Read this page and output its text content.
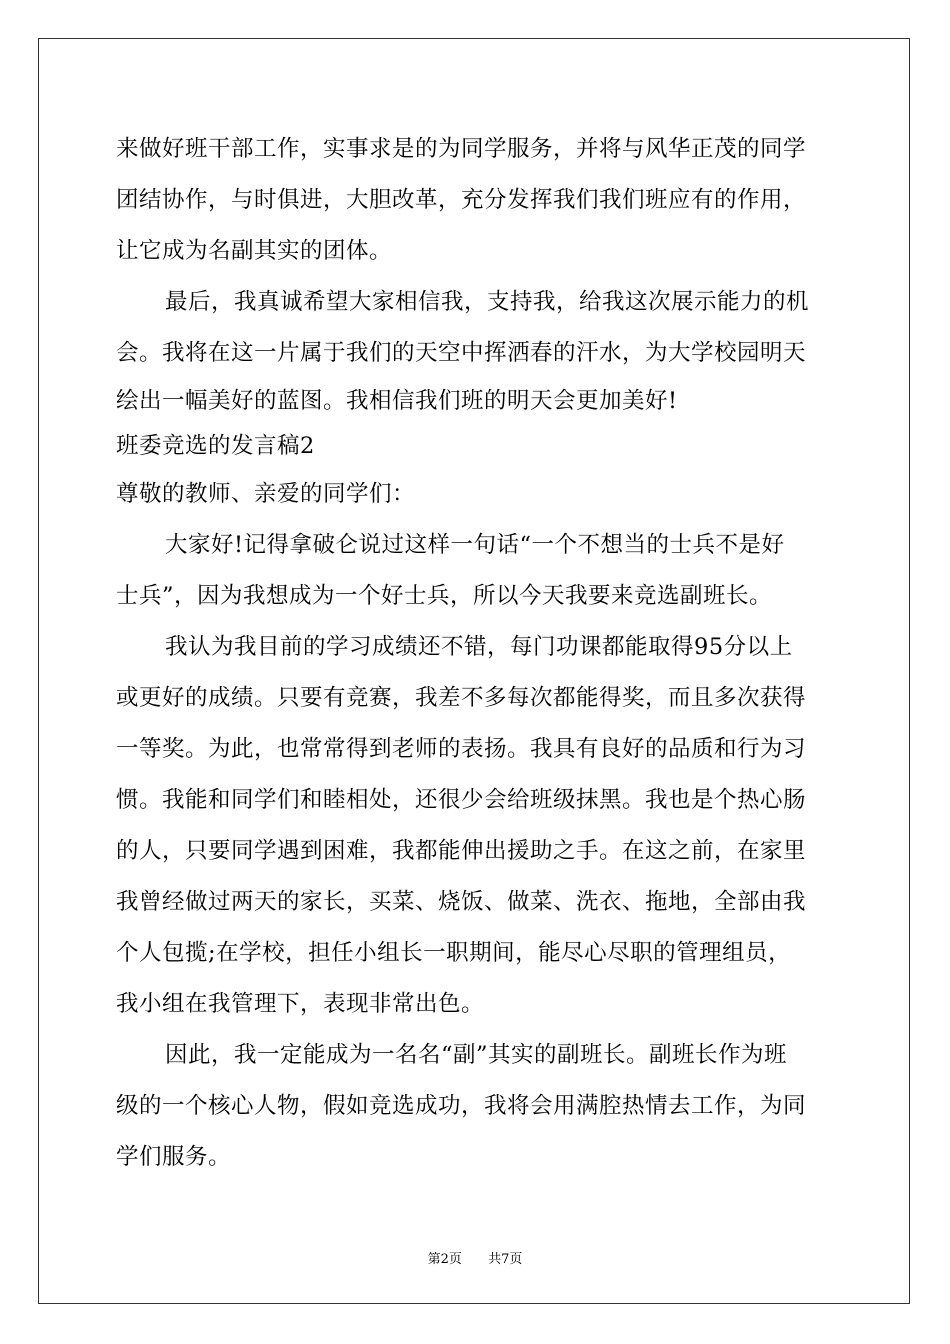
来做好班干部工作，实事求是的为同学服务，并将与风华正茂的同学
团结协作，与时俱进，大胆改革，充分发挥我们我们班应有的作用，
让它成为名副其实的团体。
最后，我真诚希望大家相信我，支持我，给我这次展示能力的机
会。我将在这一片属于我们的天空中挥洒春的汗水，为大学校园明天
绘出一幅美好的蓝图。我相信我们班的明天会更加美好!
班委竞选的发言稿2
尊敬的教师、亲爱的同学们：
大家好!记得拿破仑说过这样一句话“一个不想当的士兵不是好
士兵”，因为我想成为一个好士兵，所以今天我要来竞选副班长。
我认为我目前的学习成绩还不错，每门功课都能取得95分以上
或更好的成绩。只要有竞赛，我差不多每次都能得奖，而且多次获得
一等奖。为此，也常常得到老师的表扬。我具有良好的品质和行为习
惯。我能和同学们和睦相处，还很少会给班级抹黑。我也是个热心肠
的人，只要同学遇到困难，我都能伸出援助之手。在这之前，在家里
我曾经做过两天的家长，买菜、烧饭、做菜、洗衣、拖地，全部由我
个人包揽;在学校，担任小组长一职期间，能尽心尽职的管理组员，
我小组在我管理下，表现非常出色。
因此，我一定能成为一名名“副”其实的副班长。副班长作为班
级的一个核心人物，假如竞选成功，我将会用满腔热情去工作，为同
学们服务。
第2页 共7页
